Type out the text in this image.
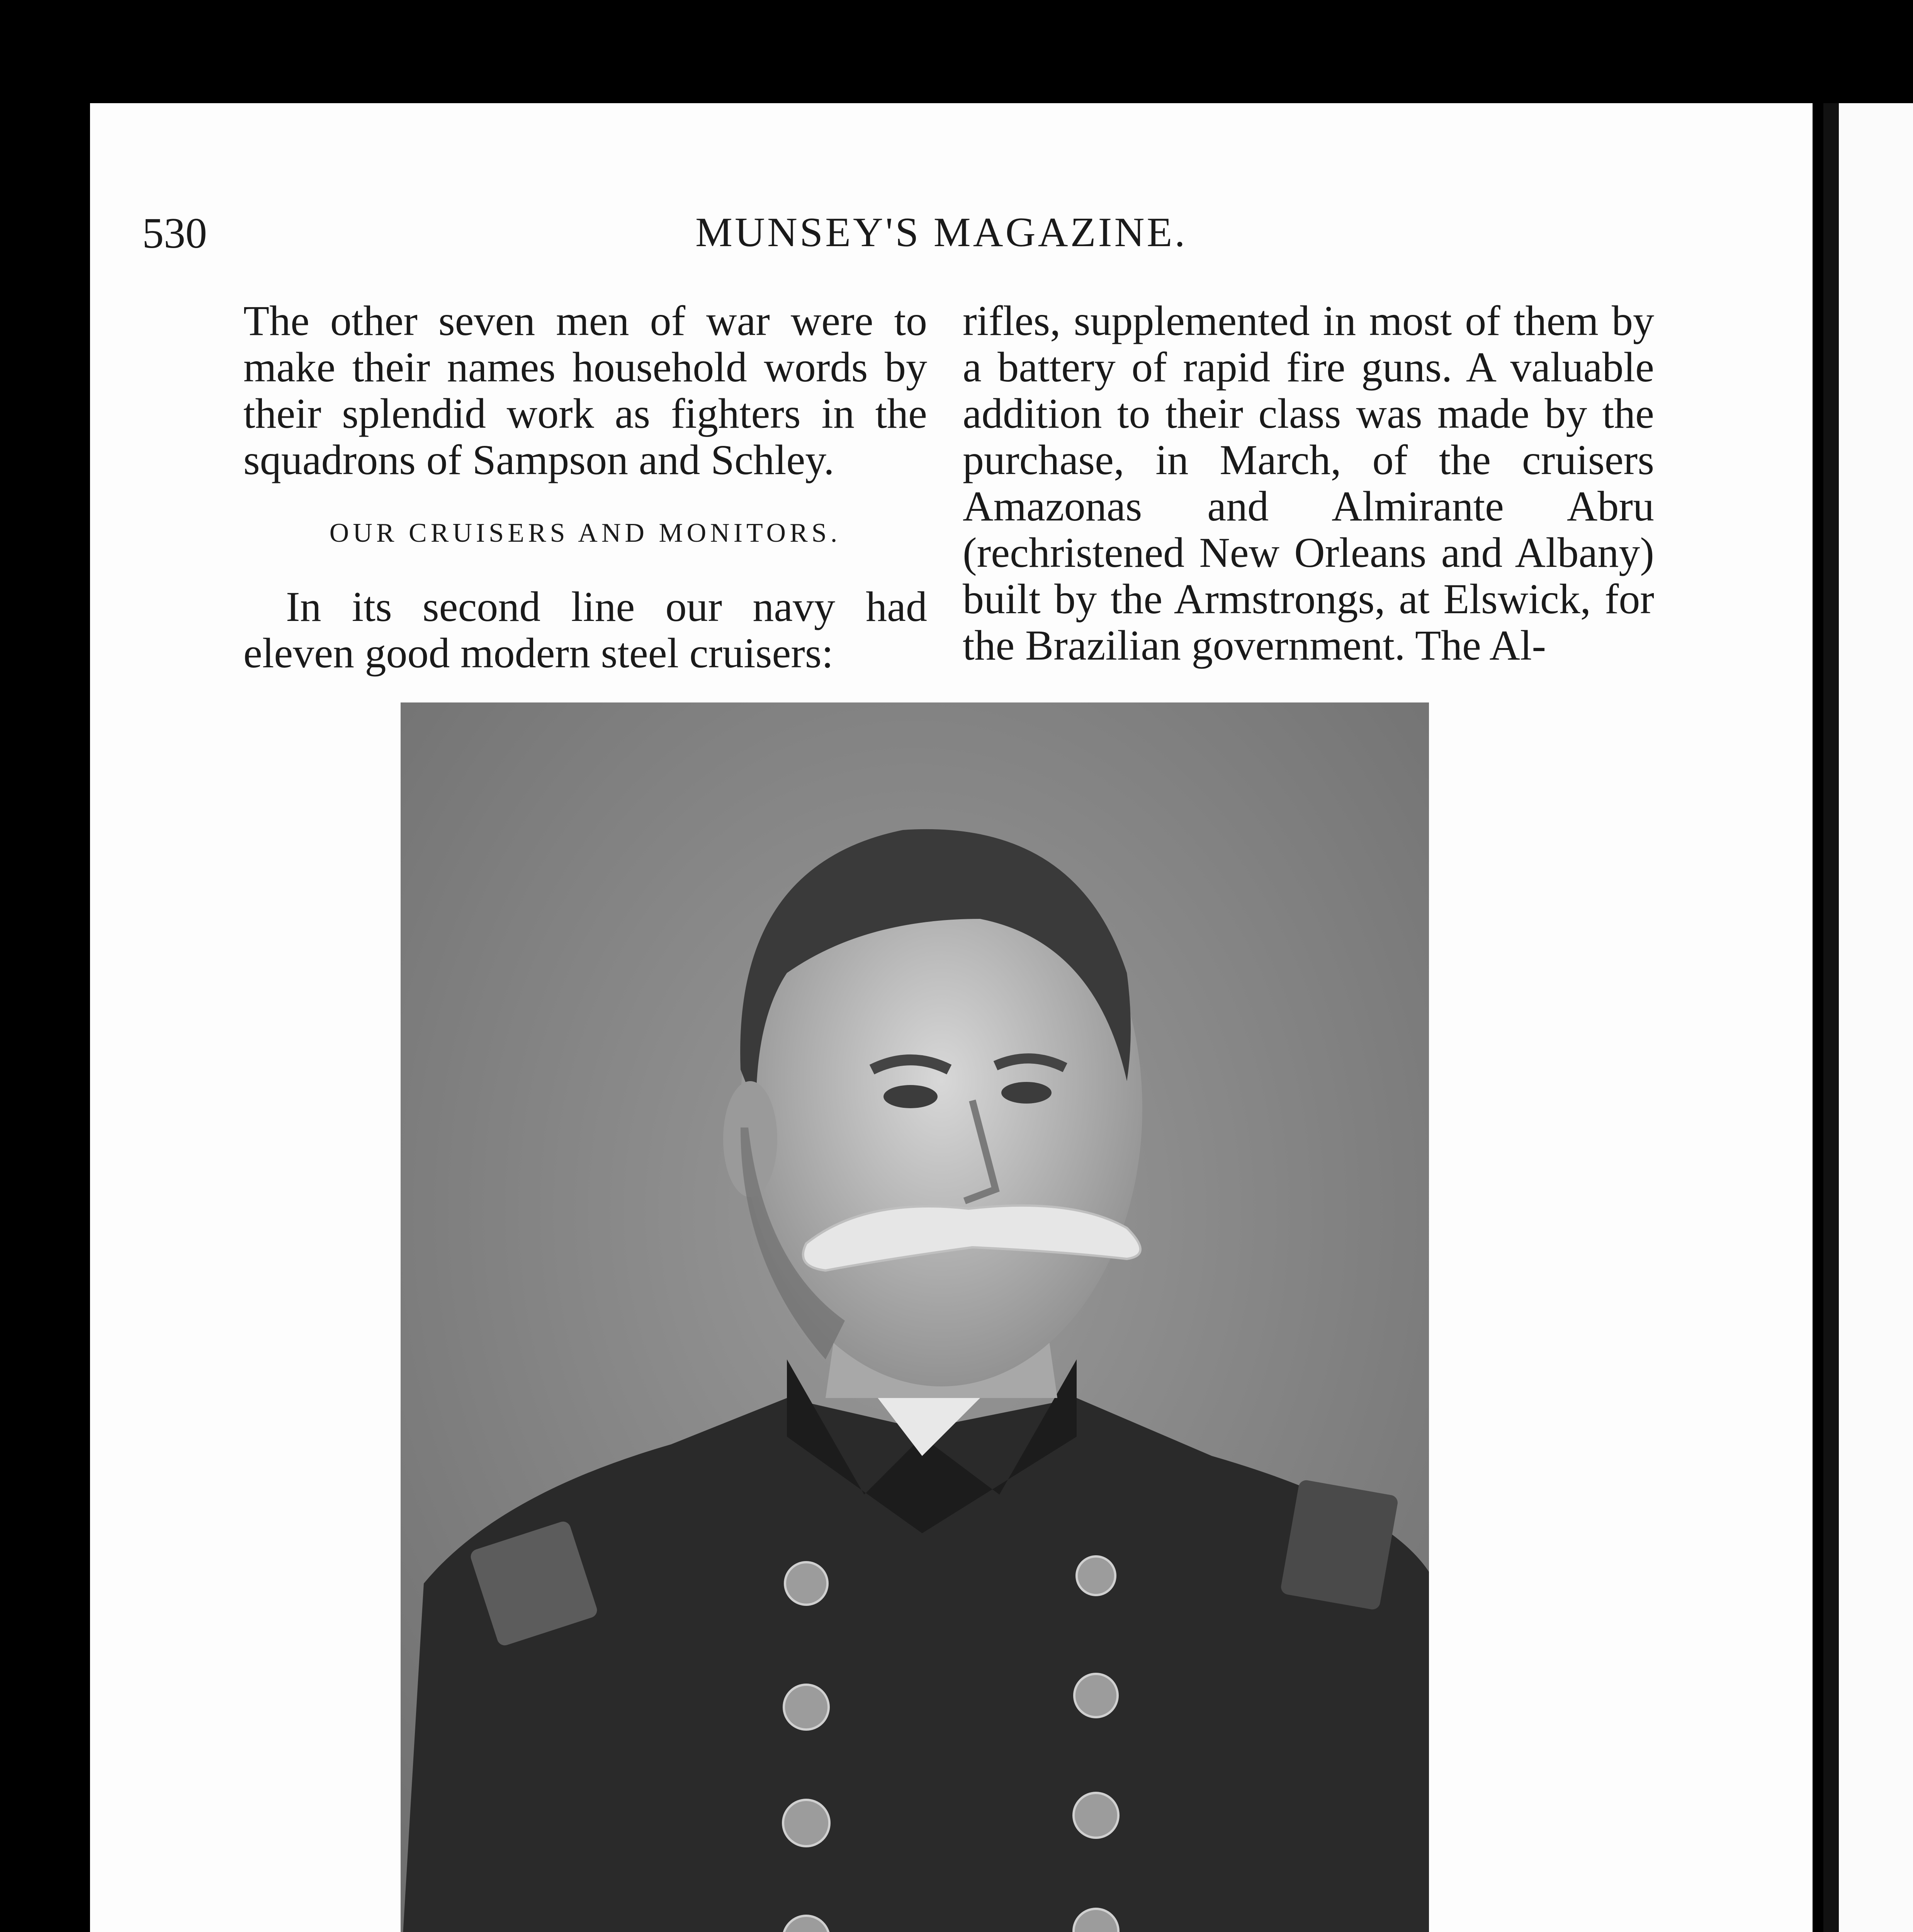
530	MUNSEY'S MAGAZINE.

The other seven men of war were to make their names household words by their splendid work as fighters in the squadrons of Sampson and Schley.

OUR CRUISERS AND MONITORS.

In its second line our navy had eleven good modern steel cruisers:

rifles, supplemented in most of them by a battery of rapid fire guns. A valuable addition to their class was made by the purchase, in March, of the cruisers Amazonas and Almirante Abru (rechristened New Orleans and Albany) built by the Armstrongs, at Elswick, for the Brazilian government. The Al-
